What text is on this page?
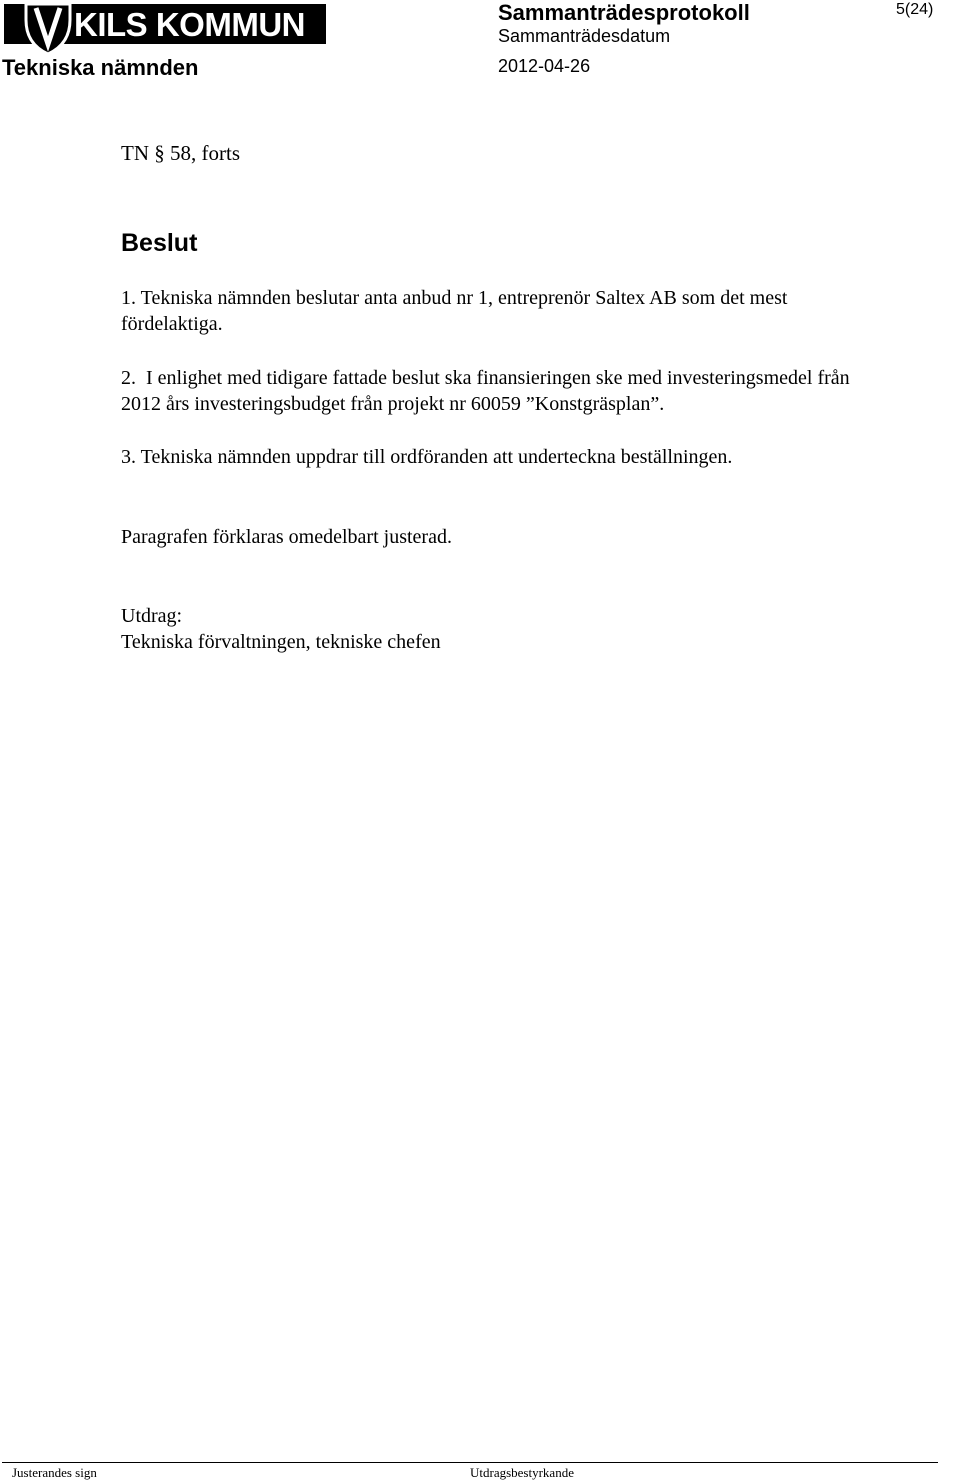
KILS KOMMUN
Tekniska nämnden
Sammanträdesprotokoll
Sammanträdesdatum
2012-04-26
5(24)
TN § 58, forts
Beslut
1. Tekniska nämnden beslutar anta anbud nr 1, entreprenör Saltex AB som det mest
fördelaktiga.
2.  I enlighet med tidigare fattade beslut ska finansieringen ske med investeringsmedel från
2012 års investeringsbudget från projekt nr 60059 ”Konstgräsplan”.
3. Tekniska nämnden uppdrar till ordföranden att underteckna beställningen.
Paragrafen förklaras omedelbart justerad.
Utdrag:
Tekniska förvaltningen, tekniske chefen
Justerandes sign	Utdragsbestyrkande
